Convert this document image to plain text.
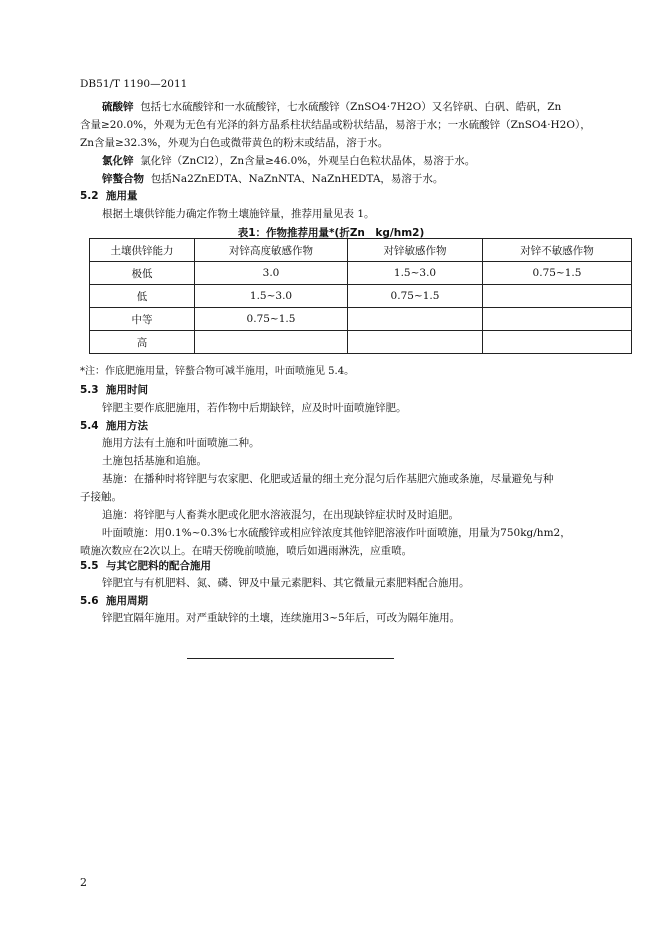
DB51/T 1190—2011
硫酸锌 包括七水硫酸锌和一水硫酸锌，七水硫酸锌（ZnSO4·7H2O）又名锌矾、白矾、皓矾，Zn
含量≥20.0%，外观为无色有光泽的斜方晶系柱状结晶或粉状结晶，易溶于水；一水硫酸锌（ZnSO4·H2O），
Zn含量≥32.3%，外观为白色或微带黄色的粉末或结晶，溶于水。
氯化锌 氯化锌（ZnCl2），Zn含量≥46.0%，外观呈白色粒状晶体，易溶于水。
锌螯合物 包括Na2ZnEDTA、NaZnNTA、NaZnHEDTA，易溶于水。
5.2 施用量
根据土壤供锌能力确定作物土壤施锌量，推荐用量见表 1。
表1：作物推荐用量*(折Zn　kg/hm2)
土壤供锌能力	对锌高度敏感作物	对锌敏感作物	对锌不敏感作物
极低	3.0	1.5~3.0	0.75~1.5
低	1.5~3.0	0.75~1.5	
中等	0.75~1.5		
高			
*注：作底肥施用量，锌螯合物可减半施用，叶面喷施见 5.4。
5.3 施用时间
锌肥主要作底肥施用，若作物中后期缺锌，应及时叶面喷施锌肥。
5.4 施用方法
施用方法有土施和叶面喷施二种。
土施包括基施和追施。
基施：在播种时将锌肥与农家肥、化肥或适量的细土充分混匀后作基肥穴施或条施，尽量避免与种
子接触。
追施：将锌肥与人畜粪水肥或化肥水溶液混匀，在出现缺锌症状时及时追肥。
叶面喷施：用0.1%~0.3%七水硫酸锌或相应锌浓度其他锌肥溶液作叶面喷施，用量为750kg/hm2，
喷施次数应在2次以上。在晴天傍晚前喷施，喷后如遇雨淋洗，应重喷。
5.5 与其它肥料的配合施用
锌肥宜与有机肥料、氮、磷、钾及中量元素肥料、其它微量元素肥料配合施用。
5.6 施用周期
锌肥宜隔年施用。对严重缺锌的土壤，连续施用3~5年后，可改为隔年施用。
2
